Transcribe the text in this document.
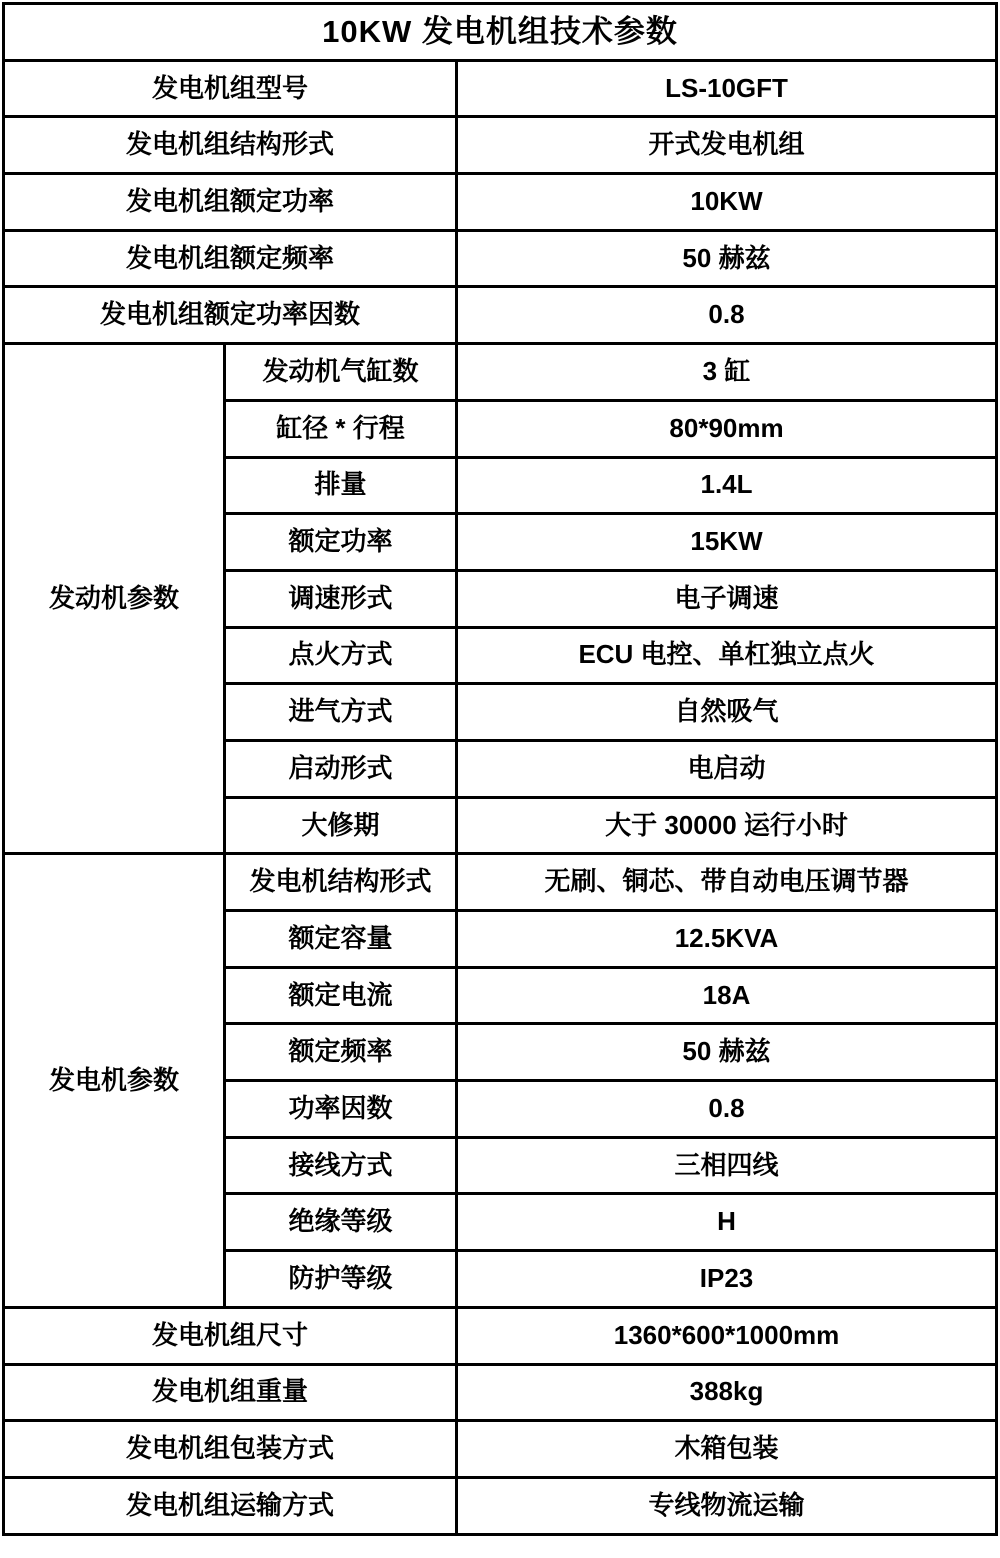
10KW 发电机组技术参数		
发电机组型号		LS-10GFT
发电机组结构形式		开式发电机组
发电机组额定功率		10KW
发电机组额定频率		50 赫兹
发电机组额定功率因数		0.8
发动机参数	发动机气缸数	3 缸
	缸径 * 行程	80*90mm
	排量	1.4L
	额定功率	15KW
	调速形式	电子调速
	点火方式	ECU 电控、单杠独立点火
	进气方式	自然吸气
	启动形式	电启动
	大修期	大于 30000 运行小时
发电机参数	发电机结构形式	无刷、铜芯、带自动电压调节器
	额定容量	12.5KVA
	额定电流	18A
	额定频率	50 赫兹
	功率因数	0.8
	接线方式	三相四线
	绝缘等级	H
	防护等级	IP23
发电机组尺寸		1360*600*1000mm
发电机组重量		388kg
发电机组包装方式		木箱包装
发电机组运输方式		专线物流运输
